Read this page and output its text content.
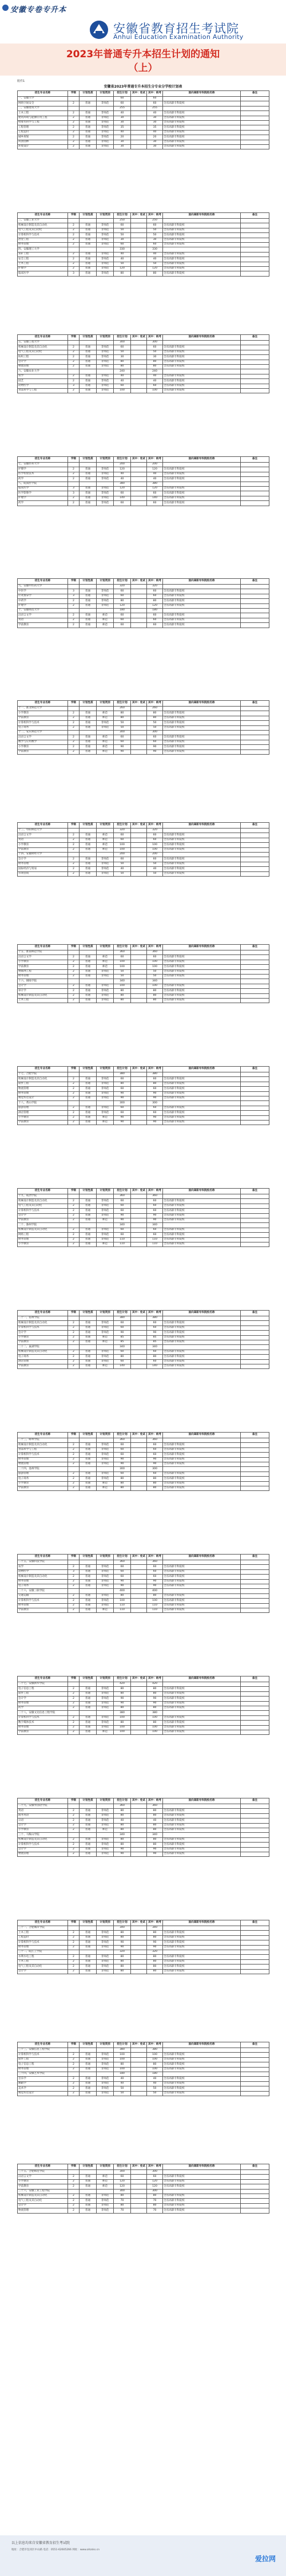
安徽专卷专升本
安徽省教育招生考试院
Anhui Education Examination Authority
2023年普通专升本招生计划的通知
（上）
附件1
安徽省2023年普通专升本招生分专业分学校计划表
招生专业名称	学制	计划性质	计划类别	招生计划	其中：免试	其中：统考	面向高职专科院校名称	备注
一、安徽大学				60		60		
网络空间安全	2	普通	非师范	60		60	全省高职专科院校	
二、安徽建筑大学				255		255		
土木工程	2	普通	非师范	40		40	全省高职专科院校	
建筑环境与能源应用工程	2	普通	非师范	30		30	全省高职专科院校	
给排水科学与工程	2	普通	非师范	30		30	全省高职专科院校	
工程管理	2	普通	非师范	35		35	全省高职专科院校	
工程造价	2	普通	非师范	40		40	全省高职专科院校	
城乡规划	2	普通	非师范	20		20	全省高职专科院校	
风景园林	2	普通	非师范	30		30	全省高职专科院校	
环境设计	2	普通	非师范	30		30	全省高职专科院校	
招生专业名称	学制	计划性质	计划类别	招生计划	其中：免试	其中：统考	面向高职专科院校名称	备注
三、安徽工业大学				250		250		
机械设计制造及其自动化	2	普通	非师范	60		60	全省高职专科院校	
电气工程及其自动化	2	普通	非师范	50		50	全省高职专科院校	
计算机科学与技术	2	普通	非师范	50		50	全省高职专科院校	
冶金工程	2	普通	非师范	30		30	全省高职专科院校	
财务管理	2	普通	非师范	60		60	全省高职专科院校	
四、安徽理工大学				330		330		
采矿工程	2	普通	非师范	40		40	全省高职专科院校	
安全工程	2	普通	非师范	40		40	全省高职专科院校	
土木工程	2	普通	非师范	50		50	全省高职专科院校	
护理学	2	普通	非师范	120		120	全省高职专科院校	
临床医学	3	普通	非师范	80		80	全省高职专科院校	
招生专业名称	学制	计划性质	计划类别	招生计划	其中：免试	其中：统考	面向高职专科院校名称	备注
五、安徽工程大学				300		300		
机械设计制造及其自动化	2	普通	非师范	60		60	全省高职专科院校	
电气工程及其自动化	2	普通	非师范	50		50	全省高职专科院校	
纺织工程	2	普通	非师范	30		30	全省高职专科院校	
会计学	2	普通	非师范	80		80	全省高职专科院校	
物流管理	2	普通	非师范	80		80	全省高职专科院校	
六、安徽农业大学				240		240		
农学	2	普通	非师范	40		40	全省高职专科院校	
园艺	2	普通	非师范	40		40	全省高职专科院校	
动物医学	3	普通	非师范	60		60	全省高职专科院校	
食品科学与工程	2	普通	非师范	100		100	全省高职专科院校	
招生专业名称	学制	计划性质	计划类别	招生计划	其中：免试	其中：统考	面向高职专科院校名称	备注
七、安徽医科大学				200		200		
护理学	2	普通	非师范	120		120	全省高职专科院校	
医学检验技术	2	普通	非师范	40		40	全省高职专科院校	
药学	2	普通	非师范	40		40	全省高职专科院校	
八、皖南医学院				380		380		
临床医学	3	普通	非师范	120		120	全省高职专科院校	
医学影像学	3	普通	非师范	60		60	全省高职专科院校	
护理学	2	普通	非师范	140		140	全省高职专科院校	
药学	2	普通	非师范	60		60	全省高职专科院校	
招生专业名称	学制	计划性质	计划类别	招生计划	其中：免试	其中：统考	面向高职专科院校名称	备注
九、安徽中医药大学				320		320		
中医学	3	普通	非师范	60		60	全省高职专科院校	
针灸推拿学	3	普通	非师范	60		60	全省高职专科院校	
中药学	2	普通	非师范	80		80	全省高职专科院校	
护理学	2	普通	非师范	120		120	全省高职专科院校	
十、安徽师范大学				180		180		
汉语言文学	2	普通	师范	60		60	全省高职专科院校	
英语	2	普通	师范	60		60	全省高职专科院校	
学前教育	2	普通	师范	60		60	全省高职专科院校	
招生专业名称	学制	计划性质	计划类别	招生计划	其中：免试	其中：统考	面向高职专科院校名称	备注
十一、淮北师范大学				260		260		
小学教育	2	普通	师范	80		80	全省高职专科院校	
学前教育	2	普通	师范	80		80	全省高职专科院校	
计算机科学与技术	2	普通	非师范	50		50	全省高职专科院校	
电子商务	2	普通	非师范	50		50	全省高职专科院校	
十二、安庆师范大学				300		300		
汉语言文学	2	普通	师范	60		60	全省高职专科院校	
数学与应用数学	2	普通	师范	60		60	全省高职专科院校	
小学教育	2	普通	师范	90		90	全省高职专科院校	
学前教育	2	普通	师范	90		90	全省高职专科院校	
招生专业名称	学制	计划性质	计划类别	招生计划	其中：免试	其中：统考	面向高职专科院校名称	备注
十三、阜阳师范大学				320		320		
汉语言文学	2	普通	师范	60		60	全省高职专科院校	
英语	2	普通	师范	60		60	全省高职专科院校	
小学教育	2	普通	师范	100		100	全省高职专科院校	
学前教育	2	普通	师范	100		100	全省高职专科院校	
十四、安徽财经大学				200		200		
会计学	2	普通	非师范	60		60	全省高职专科院校	
财务管理	2	普通	非师范	50		50	全省高职专科院校	
国际经济与贸易	2	普通	非师范	40		40	全省高职专科院校	
市场营销	2	普通	非师范	50		50	全省高职专科院校	
招生专业名称	学制	计划性质	计划类别	招生计划	其中：免试	其中：统考	面向高职专科院校名称	备注
十五、淮南师范学院				360		360		
汉语言文学	2	普通	师范	60		60	全省高职专科院校	
小学教育	2	普通	师范	100		100	全省高职专科院校	
学前教育	2	普通	师范	100		100	全省高职专科院校	
物联网工程	2	普通	非师范	50		50	全省高职专科院校	
财务管理	2	普通	非师范	50		50	全省高职专科院校	
十六、铜陵学院				340		340		
会计学	2	普通	非师范	100		100	全省高职专科院校	
审计学	2	普通	非师范	80		80	全省高职专科院校	
机械设计制造及其自动化	2	普通	非师范	80		80	全省高职专科院校	
土木工程	2	普通	非师范	80		80	全省高职专科院校	
招生专业名称	学制	计划性质	计划类别	招生计划	其中：免试	其中：统考	面向高职专科院校名称	备注
十七、合肥学院				380		380		
机械设计制造及其自动化	2	普通	非师范	60		60	全省高职专科院校	
软件工程	2	普通	非师范	80		80	全省高职专科院校	
物流管理	2	普通	非师范	60		60	全省高职专科院校	
财务管理	2	普通	非师范	90		90	全省高职专科院校	
视觉传达设计	2	普通	非师范	90		90	全省高职专科院校	
十八、黄山学院				300		300		
旅游管理	2	普通	非师范	60		60	全省高职专科院校	
酒店管理	2	普通	非师范	60		60	全省高职专科院校	
小学教育	2	普通	师范	90		90	全省高职专科院校	
学前教育	2	普通	师范	90		90	全省高职专科院校	
招生专业名称	学制	计划性质	计划类别	招生计划	其中：免试	其中：统考	面向高职专科院校名称	备注
十九、皖西学院				360		360		
机械设计制造及其自动化	2	普通	非师范	60		60	全省高职专科院校	
电气工程及其自动化	2	普通	非师范	60		60	全省高职专科院校	
计算机科学与技术	2	普通	非师范	60		60	全省高职专科院校	
会计学	2	普通	非师范	90		90	全省高职专科院校	
学前教育	2	普通	师范	90		90	全省高职专科院校	
二十、滁州学院				340		340		
机械设计制造及其自动化	2	普通	非师范	60		60	全省高职专科院校	
网络工程	2	普通	非师范	60		60	全省高职专科院校	
财务管理	2	普通	非师范	110		110	全省高职专科院校	
小学教育	2	普通	师范	110		110	全省高职专科院校	
招生专业名称	学制	计划性质	计划类别	招生计划	其中：免试	其中：统考	面向高职专科院校名称	备注
二十一、宿州学院				380		380		
机械设计制造及其自动化	2	普通	非师范	60		60	全省高职专科院校	
计算机科学与技术	2	普通	非师范	60		60	全省高职专科院校	
会计学	2	普通	非师范	90		90	全省高职专科院校	
小学教育	2	普通	师范	85		85	全省高职专科院校	
学前教育	2	普通	师范	85		85	全省高职专科院校	
二十二、巢湖学院				340		340		
机械设计制造及其自动化	2	普通	非师范	60		60	全省高职专科院校	
电子商务	2	普通	非师范	80		80	全省高职专科院校	
酒店管理	2	普通	非师范	60		60	全省高职专科院校	
学前教育	2	普通	师范	140		140	全省高职专科院校	
招生专业名称	学制	计划性质	计划类别	招生计划	其中：免试	其中：统考	面向高职专科院校名称	备注
二十三、蚌埠学院				360		360		
机械设计制造及其自动化	2	普通	非师范	60		60	全省高职专科院校	
食品科学与工程	2	普通	非师范	60		60	全省高职专科院校	
计算机科学与技术	2	普通	非师范	60		60	全省高职专科院校	
财务管理	2	普通	非师范	90		90	全省高职专科院校	
物流管理	2	普通	非师范	90		90	全省高职专科院校	
二十四、池州学院				300		300		
旅游管理	2	普通	非师范	60		60	全省高职专科院校	
电子商务	2	普通	非师范	80		80	全省高职专科院校	
小学教育	2	普通	师范	80		80	全省高职专科院校	
学前教育	2	普通	师范	80		80	全省高职专科院校	
招生专业名称	学制	计划性质	计划类别	招生计划	其中：免试	其中：统考	面向高职专科院校名称	备注
二十五、安徽科技学院				360		360		
农学	2	普通	非师范	60		60	全省高职专科院校	
动物医学	3	普通	非师范	60		60	全省高职专科院校	
机械设计制造及其自动化	2	普通	非师范	60		60	全省高职专科院校	
财务管理	2	普通	非师范	90		90	全省高职专科院校	
电子商务	2	普通	非师范	90		90	全省高职专科院校	
二十六、安徽三联学院				400		400		
交通运输	2	普通	非师范	80		80	全省高职专科院校	
计算机科学与技术	2	普通	非师范	100		100	全省高职专科院校	
财务管理	2	普通	非师范	110		110	全省高职专科院校	
学前教育	2	普通	师范	110		110	全省高职专科院校	
招生专业名称	学制	计划性质	计划类别	招生计划	其中：免试	其中：统考	面向高职专科院校名称	备注
二十七、安徽新华学院				420		420		
电子信息工程	2	普通	非师范	80		80	全省高职专科院校	
软件工程	2	普通	非师范	80		80	全省高职专科院校	
会计学	2	普通	非师范	90		90	全省高职专科院校	
财务管理	2	普通	非师范	90		90	全省高职专科院校	
药学	2	普通	非师范	80		80	全省高职专科院校	
二十八、安徽文达信息工程学院				380		380		
计算机科学与技术	2	普通	非师范	100		100	全省高职专科院校	
数字媒体技术	2	普通	非师范	80		80	全省高职专科院校	
财务管理	2	普通	非师范	100		100	全省高职专科院校	
学前教育	2	普通	师范	100		100	全省高职专科院校	
招生专业名称	学制	计划性质	计划类别	招生计划	其中：免试	其中：统考	面向高职专科院校名称	备注
二十九、安徽外国语学院				360		360		
英语	2	普通	非师范	80		80	全省高职专科院校	
商务英语	2	普通	非师范	80		80	全省高职专科院校	
日语	2	普通	非师范	40		40	全省高职专科院校	
会计学	2	普通	非师范	80		80	全省高职专科院校	
小学教育	2	普通	师范	80		80	全省高职专科院校	
三十、马鞍山学院				340		340		
机械设计制造及其自动化	2	普通	非师范	80		80	全省高职专科院校	
计算机科学与技术	2	普通	非师范	80		80	全省高职专科院校	
会计学	2	普通	非师范	90		90	全省高职专科院校	
物流管理	2	普通	非师范	90		90	全省高职专科院校	
招生专业名称	学制	计划性质	计划类别	招生计划	其中：免试	其中：统考	面向高职专科院校名称	备注
三十一、合肥城市学院				340		340		
土木工程	2	普通	非师范	80		80	全省高职专科院校	
工程造价	2	普通	非师范	80		80	全省高职专科院校	
计算机科学与技术	2	普通	非师范	90		90	全省高职专科院校	
财务管理	2	普通	非师范	90		90	全省高职专科院校	
三十二、皖江工学院				320		320		
水利水电工程	2	普通	非师范	80		80	全省高职专科院校	
土木工程	2	普通	非师范	80		80	全省高职专科院校	
电气工程及其自动化	2	普通	非师范	80		80	全省高职专科院校	
会计学	2	普通	非师范	80		80	全省高职专科院校	
招生专业名称	学制	计划性质	计划类别	招生计划	其中：免试	其中：统考	面向高职专科院校名称	备注
三十三、安徽信息工程学院				380		380		
计算机科学与技术	2	普通	非师范	100		100	全省高职专科院校	
软件工程	2	普通	非师范	100		100	全省高职专科院校	
电子信息工程	2	普通	非师范	80		80	全省高职专科院校	
财务管理	2	普通	非师范	100		100	全省高职专科院校	
三十四、安徽艺术学院				180		180		
音乐学	2	普通	非师范	40		40	全省高职专科院校	
舞蹈学	2	普通	非师范	40		40	全省高职专科院校	
美术学	2	普通	非师范	50		50	全省高职专科院校	
视觉传达设计	2	普通	非师范	50		50	全省高职专科院校	
招生专业名称	学制	计划性质	计划类别	招生计划	其中：免试	其中：统考	面向高职专科院校名称	备注
三十五、合肥师范学院				300		300		
汉语言文学	2	普通	师范	60		60	全省高职专科院校	
小学教育	2	普通	师范	120		120	全省高职专科院校	
学前教育	2	普通	师范	120		120	全省高职专科院校	
三十六、安徽工业工程学院				300		300		
机械设计制造及其自动化	2	普通	非师范	80		80	全省高职专科院校	
电气工程及其自动化	2	普通	非师范	70		70	全省高职专科院校	
会计学	2	普通	非师范	80		80	全省高职专科院校	
物流管理	2	普通	非师范	70		70	全省高职专科院校	
以上信息均来自安徽省教育招生考试院
地址：合肥市包河区中山路 电话：0551-62605266 网址：www.ahzsks.cn
爱拉网
